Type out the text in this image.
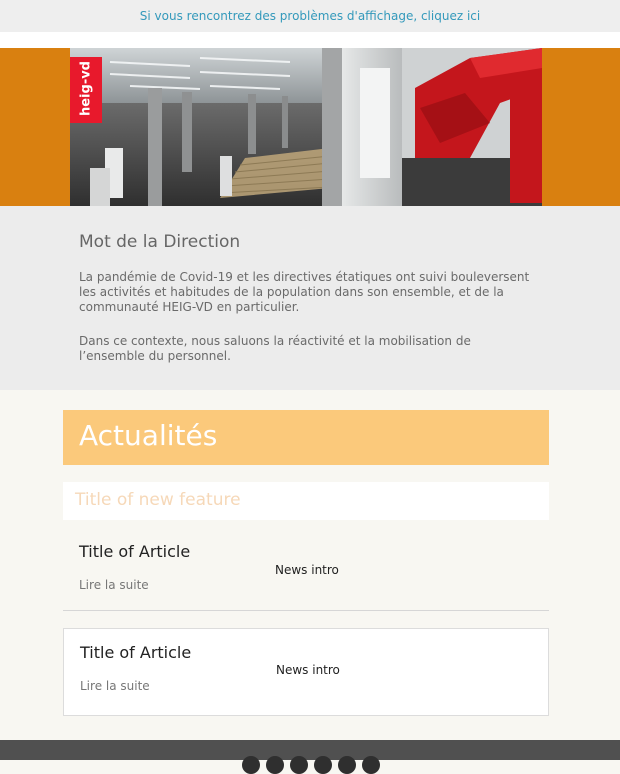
Si vous rencontrez des problèmes d'affichage, cliquez ici
heig-vd
Mot de la Direction

La pandémie de Covid-19 et les directives étatiques ont suivi bouleversent les activités et habitudes de la population dans son ensemble, et de la communauté HEIG-VD en particulier.

Dans ce contexte, nous saluons la réactivité et la mobilisation de l’ensemble du personnel.

Actualités
Title of new feature
Title of Article
News intro
Lire la suite
Title of Article
News intro
Lire la suite
